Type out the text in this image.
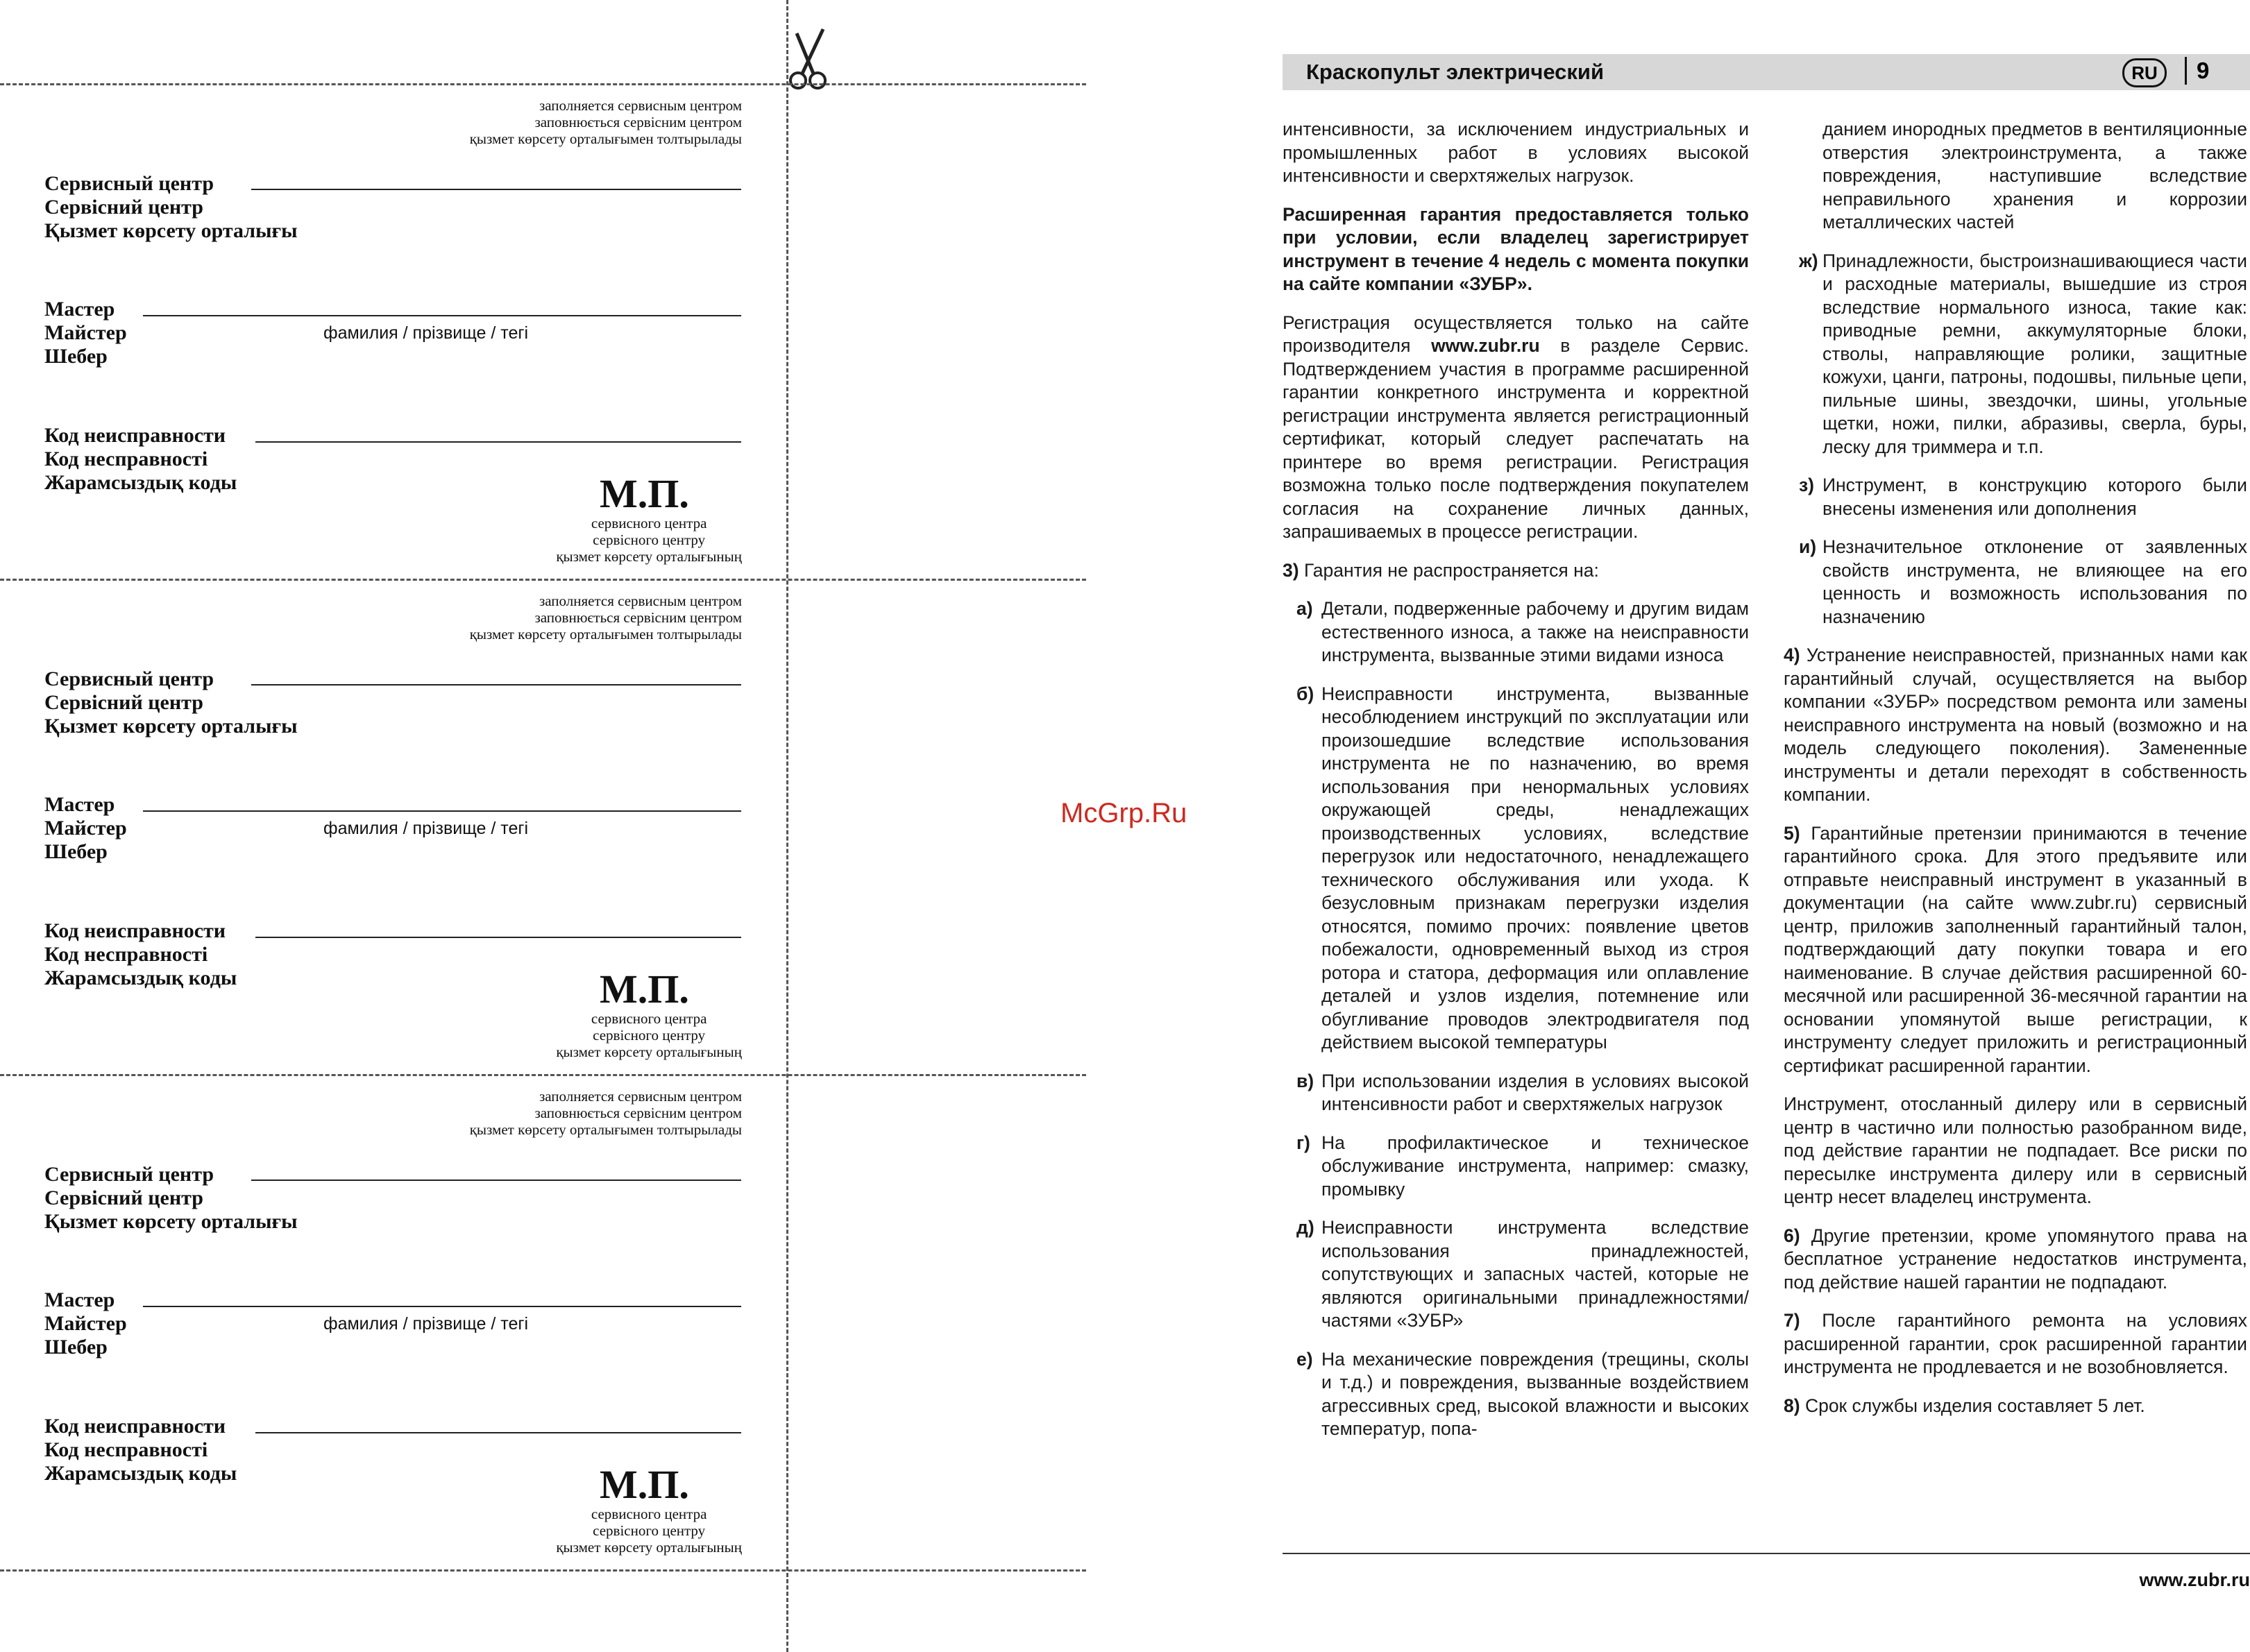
заполняется сервисным центром
заповнюється сервісним центром
қызмет көрсету орталығымен толтырылады
Сервисный центр
Сервісний центр
Қызмет көрсету орталығы
Мастер
Майстер
Шебер
фамилия / прізвище / тегі
Код неисправности
Код несправності
Жарамсыздық коды	М.П.
сервисного центра
сервісного центру
қызмет көрсету орталығының
заполняется сервисным центром
заповнюється сервісним центром
қызмет көрсету орталығымен толтырылады
Сервисный центр
Сервісний центр
Қызмет көрсету орталығы
Мастер
Майстер
Шебер
фамилия / прізвище / тегі
Код неисправности
Код несправності
Жарамсыздық коды	М.П.
сервисного центра
сервісного центру
қызмет көрсету орталығының
заполняется сервисным центром
заповнюється сервісним центром
қызмет көрсету орталығымен толтырылады
Сервисный центр
Сервісний центр
Қызмет көрсету орталығы
Мастер
Майстер
Шебер
фамилия / прізвище / тегі
Код неисправности
Код несправності
Жарамсыздық коды	М.П.
сервисного центра
сервісного центру
қызмет көрсету орталығының
McGrp.Ru
Краскопульт электрический	RU	9

интенсивности, за исключением индустриальных и промышленных работ в условиях высокой интенсивности и сверхтяжелых нагрузок.

Расширенная гарантия предоставляется только при условии, если владелец зарегистрирует инструмент в течение 4 недель с момента покупки на сайте компании «ЗУБР».

Регистрация осуществляется только на сайте производителя www.zubr.ru в разделе Сервис. Подтверждением участия в программе расширенной гарантии конкретного инструмента и корректной регистрации инструмента является регистрационный сертификат, который следует распечатать на принтере во время регистрации. Регистрация возможна только после подтверждения покупателем согласия на сохранение личных данных, запрашиваемых в процессе регистрации.

3) Гарантия не распространяется на:

а) Детали, подверженные рабочему и другим видам естественного износа, а также на неисправности инструмента, вызванные этими видами износа
б) Неисправности инструмента, вызванные несоблюдением инструкций по эксплуатации или произошедшие вследствие использования инструмента не по назначению, во время использования при ненормальных условиях окружающей среды, ненадлежащих производственных условиях, вследствие перегрузок или недостаточного, ненадлежащего технического обслуживания или ухода. К безусловным признакам перегрузки изделия относятся, помимо прочих: появление цветов побежалости, одновременный выход из строя ротора и статора, деформация или оплавление деталей и узлов изделия, потемнение или обугливание проводов электродвигателя под действием высокой температуры
в) При использовании изделия в условиях высокой интенсивности работ и сверхтяжелых нагрузок
г) На профилактическое и техническое обслуживание инструмента, например: смазку, промывку
д) Неисправности инструмента вследствие использования принадлежностей, сопутствующих и запасных частей, которые не являются оригинальными принадлежностями/частями «ЗУБР»
е) На механические повреждения (трещины, сколы и т.д.) и повреждения, вызванные воздействием агрессивных сред, высокой влажности и высоких температур, попа-
данием инородных предметов в вентиляционные отверстия электроинструмента, а также повреждения, наступившие вследствие неправильного хранения и коррозии металлических частей
ж) Принадлежности, быстроизнашивающиеся части и расходные материалы, вышедшие из строя вследствие нормального износа, такие как: приводные ремни, аккумуляторные блоки, стволы, направляющие ролики, защитные кожухи, цанги, патроны, подошвы, пильные цепи, пильные шины, звездочки, шины, угольные щетки, ножи, пилки, абразивы, сверла, буры, леску для триммера и т.п.
з) Инструмент, в конструкцию которого были внесены изменения или дополнения
и) Незначительное отклонение от заявленных свойств инструмента, не влияющее на его ценность и возможность использования по назначению

4) Устранение неисправностей, признанных нами как гарантийный случай, осуществляется на выбор компании «ЗУБР» посредством ремонта или замены неисправного инструмента на новый (возможно и на модель следующего поколения). Замененные инструменты и детали переходят в собственность компании.

5) Гарантийные претензии принимаются в течение гарантийного срока. Для этого предъявите или отправьте неисправный инструмент в указанный в документации (на сайте www.zubr.ru) сервисный центр, приложив заполненный гарантийный талон, подтверждающий дату покупки товара и его наименование. В случае действия расширенной 60-месячной или расширенной 36-месячной гарантии на основании упомянутой выше регистрации, к инструменту следует приложить и регистрационный сертификат расширенной гарантии.

Инструмент, отосланный дилеру или в сервисный центр в частично или полностью разобранном виде, под действие гарантии не подпадает. Все риски по пересылке инструмента дилеру или в сервисный центр несет владелец инструмента.

6) Другие претензии, кроме упомянутого права на бесплатное устранение недостатков инструмента, под действие нашей гарантии не подпадают.

7) После гарантийного ремонта на условиях расширенной гарантии, срок расширенной гарантии инструмента не продлевается и не возобновляется.

8) Срок службы изделия составляет 5 лет.

www.zubr.ru
